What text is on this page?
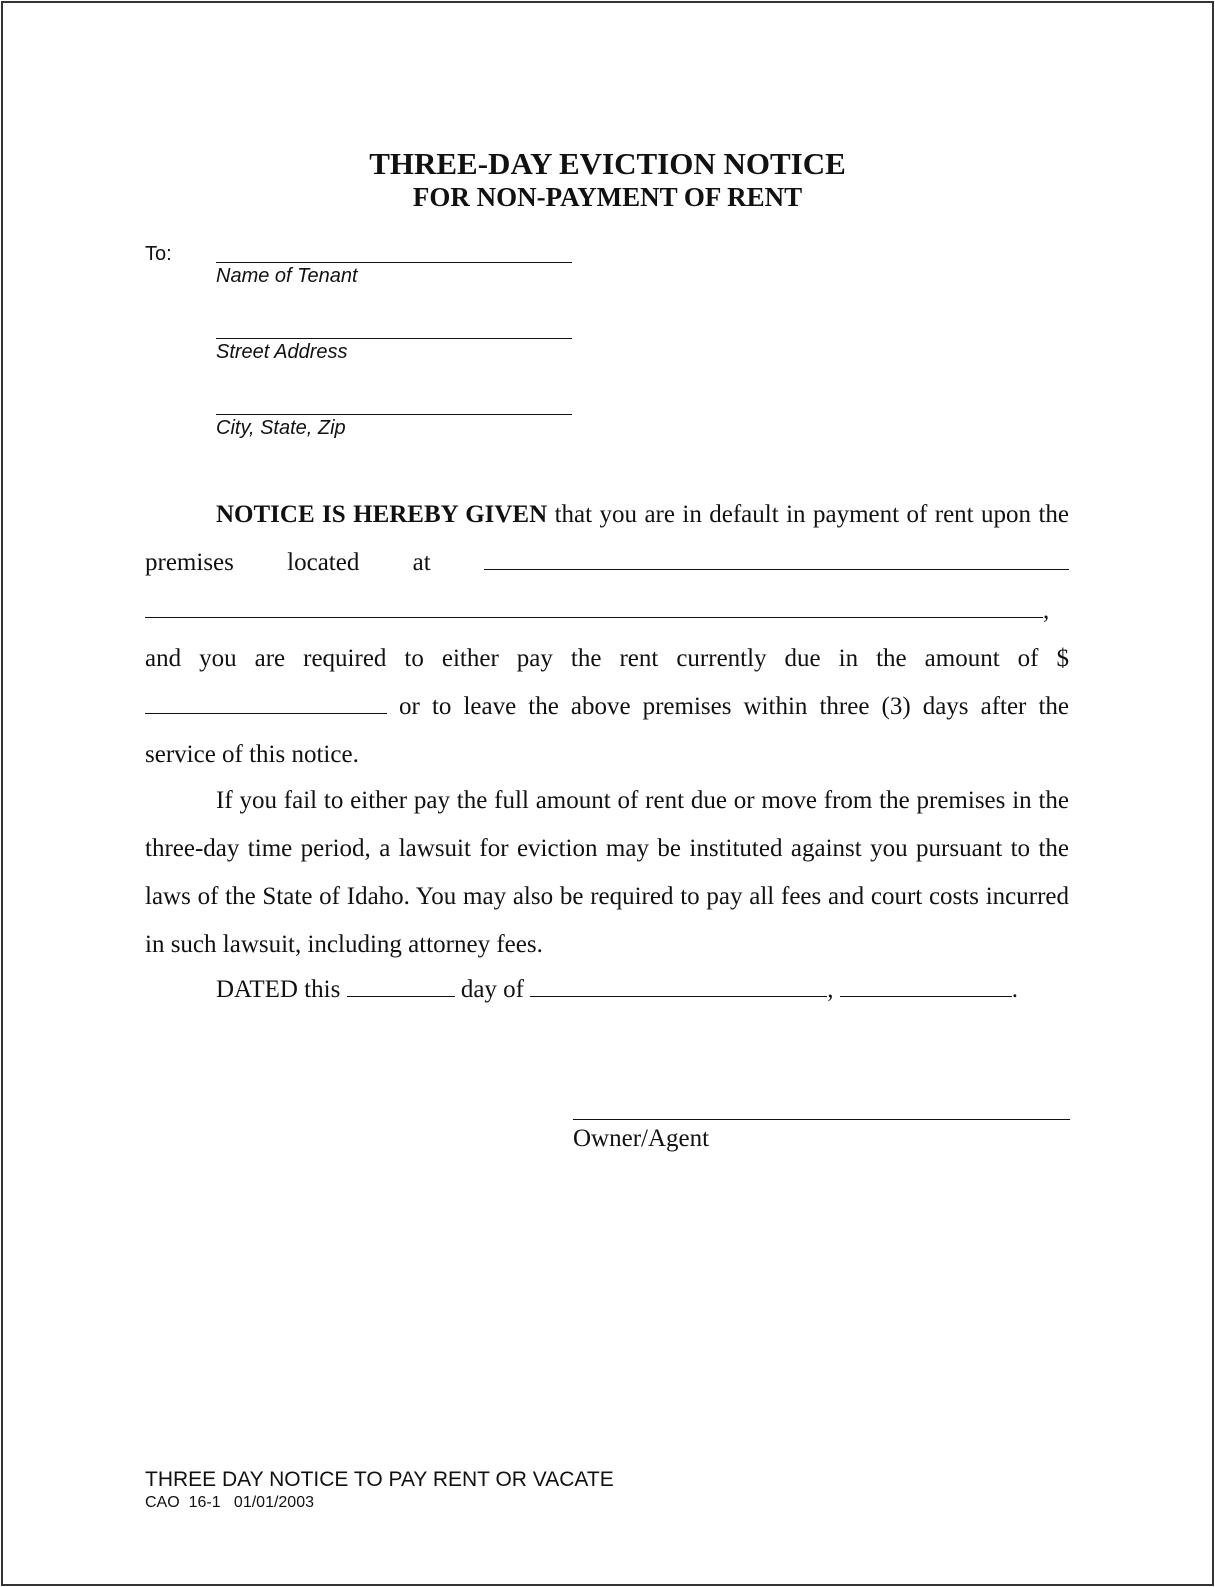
THREE-DAY EVICTION NOTICE
FOR NON-PAYMENT OF RENT
To:
Name of Tenant
Street Address
City, State, Zip
NOTICE IS HEREBY GIVEN that you are in default in payment of rent upon the premises located at  , and you are required to either pay the rent currently due in the amount of $ or to leave the above premises within three (3) days after the service of this notice.
If you fail to either pay the full amount of rent due or move from the premises in the three-day time period, a lawsuit for eviction may be instituted against you pursuant to the laws of the State of Idaho. You may also be required to pay all fees and court costs incurred in such lawsuit, including attorney fees.
DATED this	day of	,	.
Owner/Agent
THREE DAY NOTICE TO PAY RENT OR VACATE
CAO  16-1   01/01/2003
